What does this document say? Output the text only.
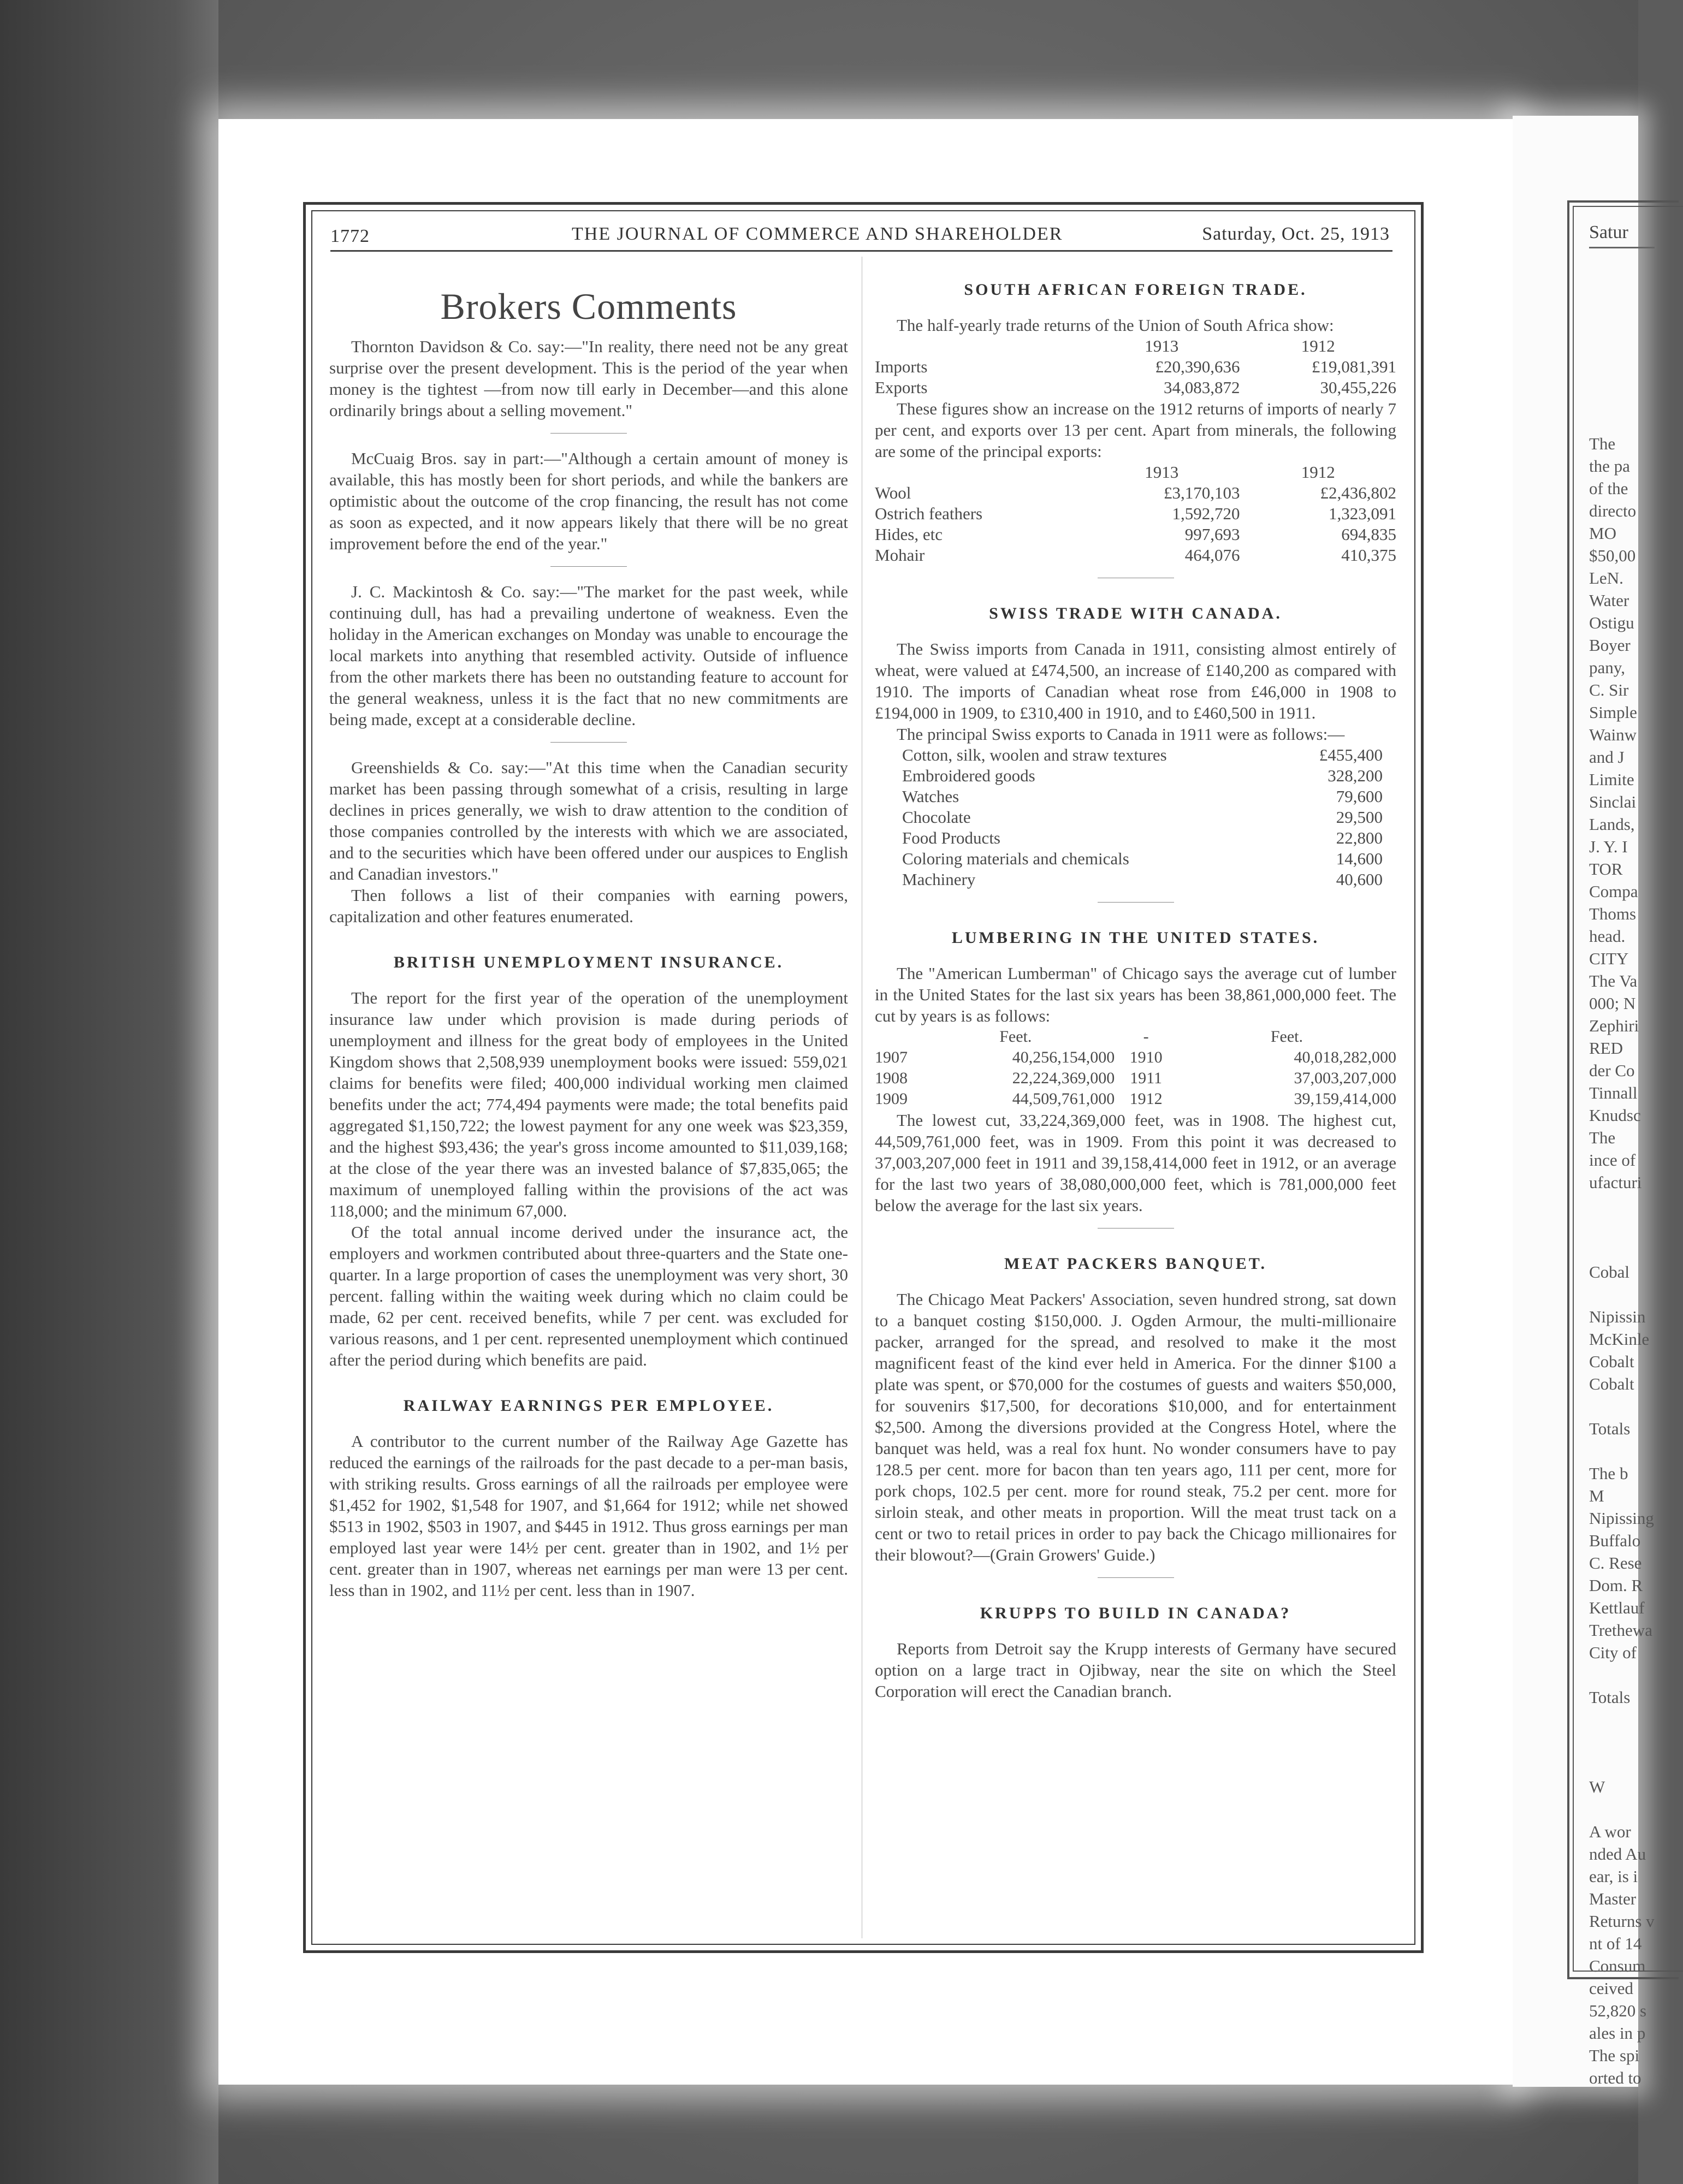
Satur
The
the pa
of the
directo
MO
$50,00
LeN.
Water
Ostigu
Boyer
pany,
C. Sir
Simple
Wainw
and J
Limite
Sinclai
Lands,
J. Y. I
TOR
Compa
Thoms
head.
CITY
The Va
000; N
Zephiri
RED
der Co
Tinnall
Knudsc
The
ince of
ufacturi

Cobal

Nipissin
McKinle
Cobalt
Cobalt

Totals

The b
M
Nipissing
Buffalo
C. Rese
Dom. R
Kettlauf
Trethewa
City of

Totals

W

A wor
nded Au
ear, is i
Master
Returns v
nt of 14
Consum
ceived
52,820 s
ales in p
The spi
orted to
1772	THE JOURNAL OF COMMERCE AND SHAREHOLDER	Saturday, Oct. 25, 1913
Brokers Comments

Thornton Davidson & Co. say:—"In reality, there need not be any great surprise over the present development. This is the period of the year when money is the tightest —from now till early in December—and this alone ordinarily brings about a selling movement."

McCuaig Bros. say in part:—"Although a certain amount of money is available, this has mostly been for short periods, and while the bankers are optimistic about the outcome of the crop financing, the result has not come as soon as expected, and it now appears likely that there will be no great improvement before the end of the year."

J. C. Mackintosh & Co. say:—"The market for the past week, while continuing dull, has had a prevailing undertone of weakness. Even the holiday in the American exchanges on Monday was unable to encourage the local markets into anything that resembled activity. Outside of influence from the other markets there has been no outstanding feature to account for the general weakness, unless it is the fact that no new commitments are being made, except at a considerable decline.

Greenshields & Co. say:—"At this time when the Canadian security market has been passing through somewhat of a crisis, resulting in large declines in prices generally, we wish to draw attention to the condition of those companies controlled by the interests with which we are associated, and to the securities which have been offered under our auspices to English and Canadian investors."

Then follows a list of their companies with earning powers, capitalization and other features enumerated.

BRITISH UNEMPLOYMENT INSURANCE.

The report for the first year of the operation of the unemployment insurance law under which provision is made during periods of unemployment and illness for the great body of employees in the United Kingdom shows that 2,508,939 unemployment books were issued: 559,021 claims for benefits were filed; 400,000 individual working men claimed benefits under the act; 774,494 payments were made; the total benefits paid aggregated $1,150,722; the lowest payment for any one week was $23,359, and the highest $93,436; the year's gross income amounted to $11,039,168; at the close of the year there was an invested balance of $7,835,065; the maximum of unemployed falling within the provisions of the act was 118,000; and the minimum 67,000.

Of the total annual income derived under the insurance act, the employers and workmen contributed about three-quarters and the State one-quarter. In a large proportion of cases the unemployment was very short, 30 percent. falling within the waiting week during which no claim could be made, 62 per cent. received benefits, while 7 per cent. was excluded for various reasons, and 1 per cent. represented unemployment which continued after the period during which benefits are paid.

RAILWAY EARNINGS PER EMPLOYEE.

A contributor to the current number of the Railway Age Gazette has reduced the earnings of the railroads for the past decade to a per-man basis, with striking results. Gross earnings of all the railroads per employee were $1,452 for 1902, $1,548 for 1907, and $1,664 for 1912; while net showed $513 in 1902, $503 in 1907, and $445 in 1912. Thus gross earnings per man employed last year were 14½ per cent. greater than in 1902, and 1½ per cent. greater than in 1907, whereas net earnings per man were 13 per cent. less than in 1902, and 11½ per cent. less than in 1907.

SOUTH AFRICAN FOREIGN TRADE.

The half-yearly trade returns of the Union of South Africa show:

	1913	1912
Imports	£20,390,636	£19,081,391
Exports	34,083,872	30,455,226

These figures show an increase on the 1912 returns of imports of nearly 7 per cent, and exports over 13 per cent. Apart from minerals, the following are some of the principal exports:

	1913	1912
Wool	£3,170,103	£2,436,802
Ostrich feathers	1,592,720	1,323,091
Hides, etc	997,693	694,835
Mohair	464,076	410,375
SWISS TRADE WITH CANADA.

The Swiss imports from Canada in 1911, consisting almost entirely of wheat, were valued at £474,500, an increase of £140,200 as compared with 1910. The imports of Canadian wheat rose from £46,000 in 1908 to £194,000 in 1909, to £310,400 in 1910, and to £460,500 in 1911.

The principal Swiss exports to Canada in 1911 were as follows:—

Cotton, silk, woolen and straw textures	£455,400
Embroidered goods	328,200
Watches	79,600
Chocolate	29,500
Food Products	22,800
Coloring materials and chemicals	14,600
Machinery	40,600
LUMBERING IN THE UNITED STATES.

The "American Lumberman" of Chicago says the average cut of lumber in the United States for the last six years has been 38,861,000,000 feet. The cut by years is as follows:

	Feet.	-	Feet.
1907	40,256,154,000	1910	40,018,282,000
1908	22,224,369,000	1911	37,003,207,000
1909	44,509,761,000	1912	39,159,414,000

The lowest cut, 33,224,369,000 feet, was in 1908. The highest cut, 44,509,761,000 feet, was in 1909. From this point it was decreased to 37,003,207,000 feet in 1911 and 39,158,414,000 feet in 1912, or an average for the last two years of 38,080,000,000 feet, which is 781,000,000 feet below the average for the last six years.

MEAT PACKERS BANQUET.

The Chicago Meat Packers' Association, seven hundred strong, sat down to a banquet costing $150,000. J. Ogden Armour, the multi-millionaire packer, arranged for the spread, and resolved to make it the most magnificent feast of the kind ever held in America. For the dinner $100 a plate was spent, or $70,000 for the costumes of guests and waiters $50,000, for souvenirs $17,500, for decorations $10,000, and for entertainment $2,500. Among the diversions provided at the Congress Hotel, where the banquet was held, was a real fox hunt. No wonder consumers have to pay 128.5 per cent. more for bacon than ten years ago, 111 per cent, more for pork chops, 102.5 per cent. more for round steak, 75.2 per cent. more for sirloin steak, and other meats in proportion. Will the meat trust tack on a cent or two to retail prices in order to pay back the Chicago millionaires for their blowout?—(Grain Growers' Guide.)

KRUPPS TO BUILD IN CANADA?

Reports from Detroit say the Krupp interests of Germany have secured option on a large tract in Ojibway, near the site on which the Steel Corporation will erect the Canadian branch.
